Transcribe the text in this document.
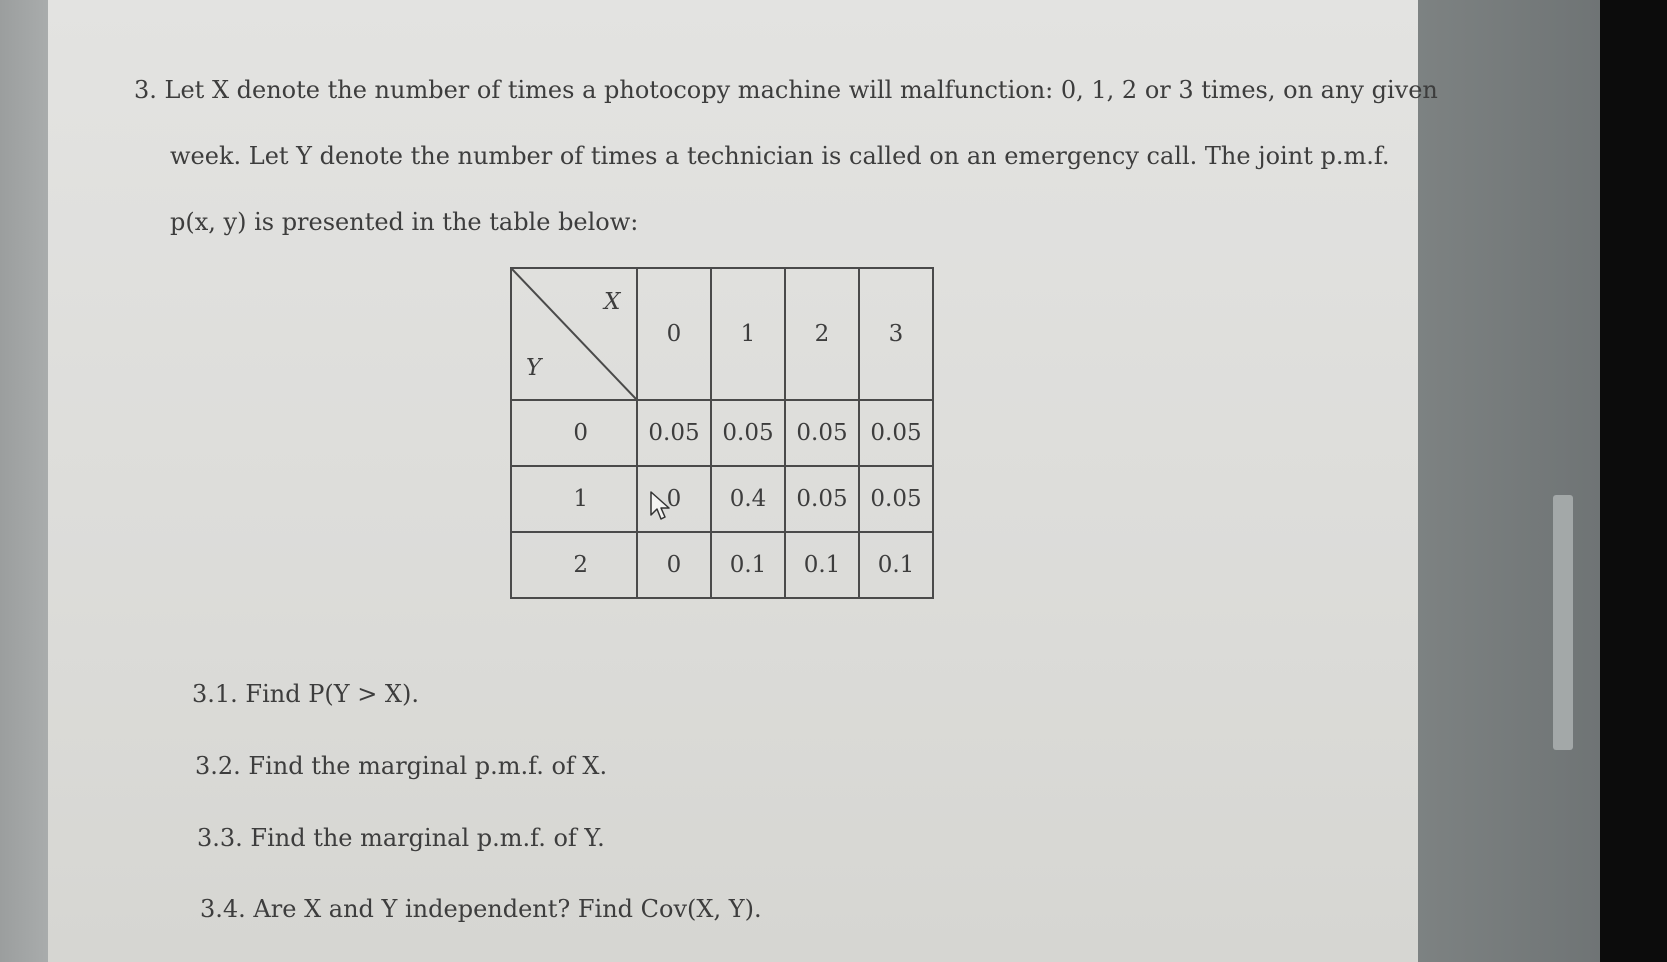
3. Let X denote the number of times a photocopy machine will malfunction: 0, 1, 2 or 3 times, on any given
week. Let Y denote the number of times a technician is called on an emergency call. The joint p.m.f.
p(x, y) is presented in the table below:
X
Y	0	1	2	3
0	0.05	0.05	0.05	0.05
1	0	0.4	0.05	0.05
2	0	0.1	0.1	0.1
3.1. Find P(Y > X).
3.2. Find the marginal p.m.f. of X.
3.3. Find the marginal p.m.f. of Y.
3.4. Are X and Y independent? Find Cov(X, Y).
